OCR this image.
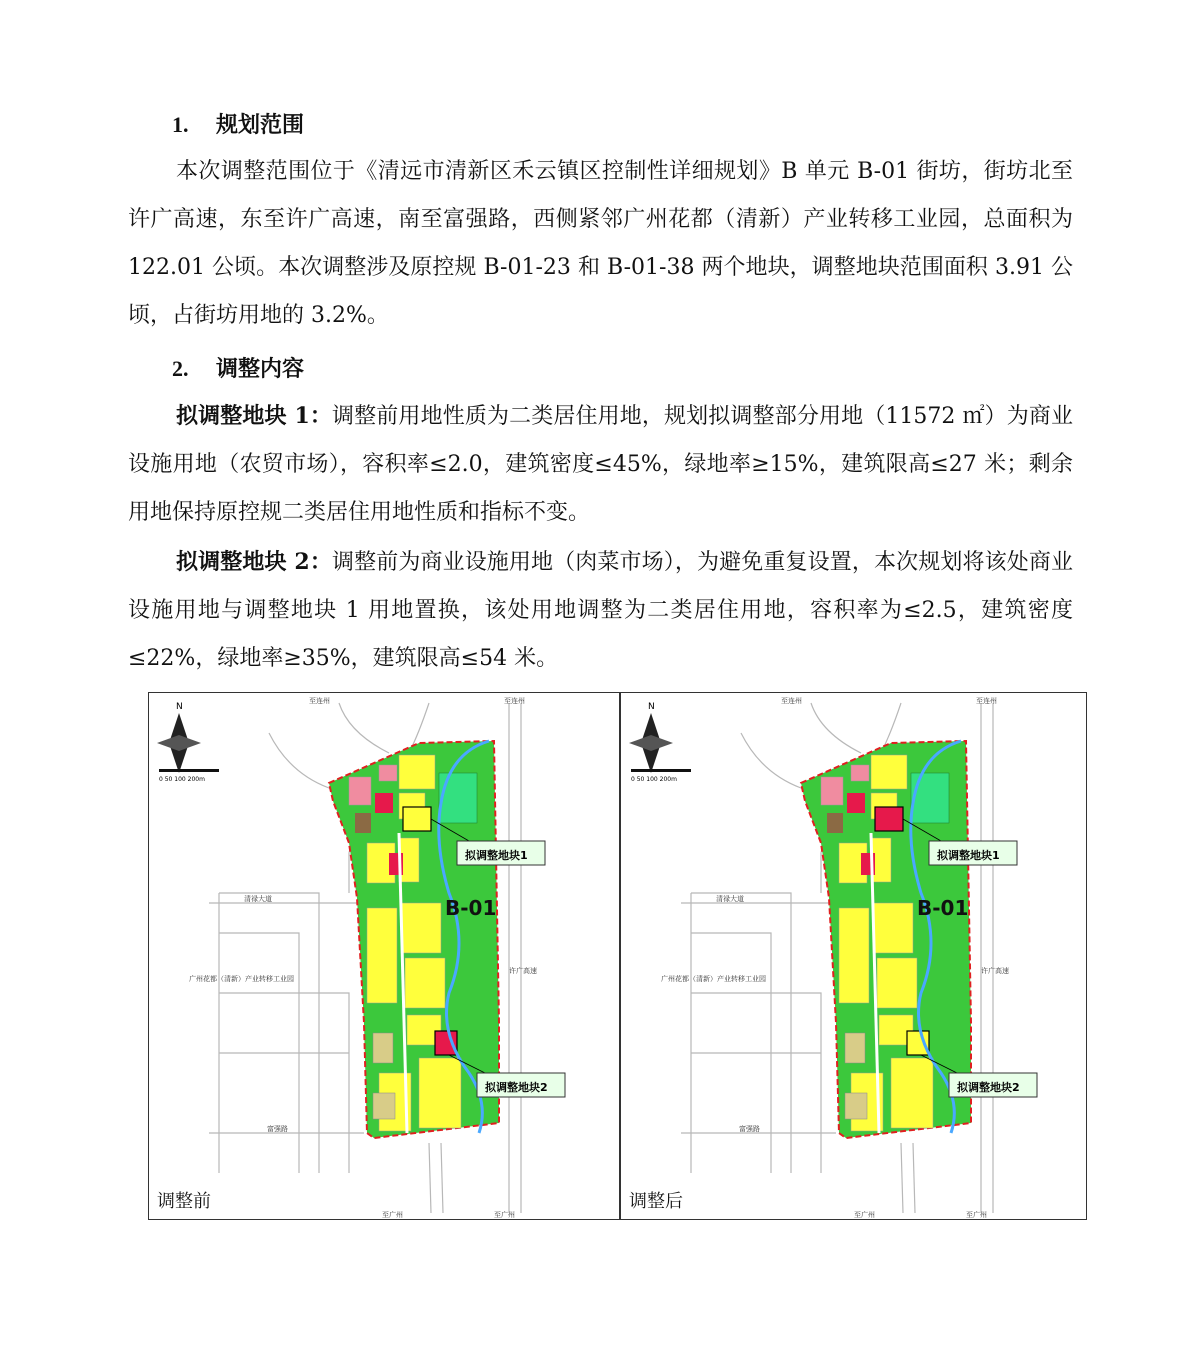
1. 规划范围
本次调整范围位于《清远市清新区禾云镇区控制性详细规划》B 单元 B-01 街坊，街坊北至许广高速，东至许广高速，南至富强路，西侧紧邻广州花都（清新）产业转移工业园，总面积为 122.01 公顷。本次调整涉及原控规 B-01-23 和 B-01-38 两个地块，调整地块范围面积 3.91 公顷，占街坊用地的 3.2%。
2. 调整内容
拟调整地块 1：调整前用地性质为二类居住用地，规划拟调整部分用地（11572 ㎡）为商业设施用地（农贸市场），容积率≤2.0，建筑密度≤45%，绿地率≥15%，建筑限高≤27 米；剩余用地保持原控规二类居住用地性质和指标不变。
拟调整地块 2：调整前为商业设施用地（肉菜市场），为避免重复设置，本次规划将该处商业设施用地与调整地块 1 用地置换，该处用地调整为二类居住用地，容积率为≤2.5，建筑密度≤22%，绿地率≥35%，建筑限高≤54 米。
N
0 50 100 200m
至连州	至连州
至广州	至广州
清禄大道
富强路
广州花都（清新）产业转移工业园
B-01
许广高速
拟调整地块1
拟调整地块2
调整前
N
0 50 100 200m
至连州	至连州
至广州	至广州
清禄大道
富强路
广州花都（清新）产业转移工业园
B-01
许广高速
拟调整地块1
拟调整地块2
调整后
